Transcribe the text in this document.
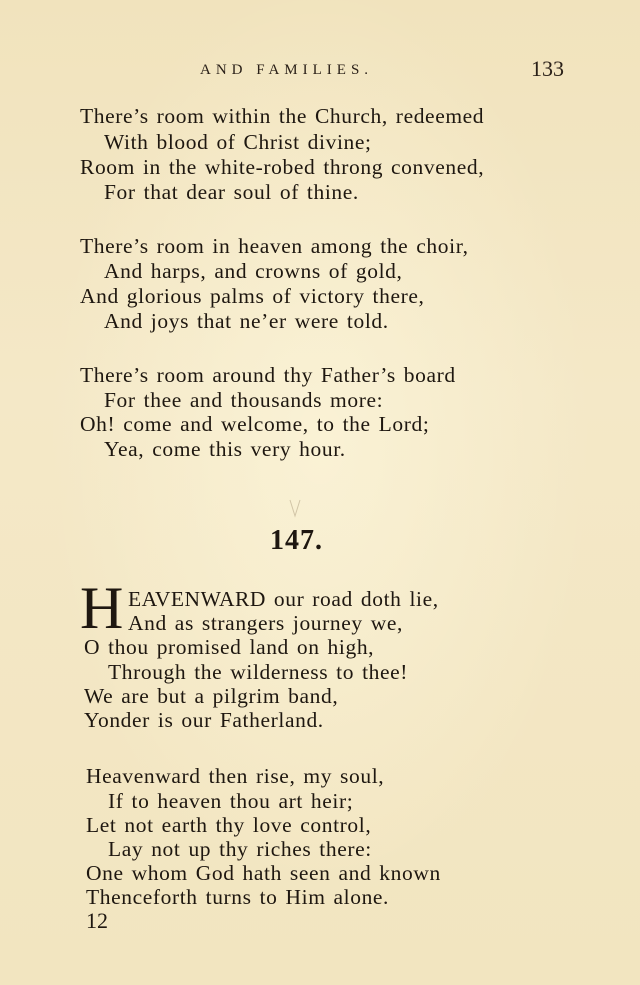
AND FAMILIES.	133
There’s room within the Church, redeemed
With blood of Christ divine;
Room in the white-robed throng convened,
For that dear soul of thine.
There’s room in heaven among the choir,
And harps, and crowns of gold,
And glorious palms of victory there,
And joys that ne’er were told.
There’s room around thy Father’s board
For thee and thousands more:
Oh! come and welcome, to the Lord;
Yea, come this very hour.
147.
H EAVENWARD our road doth lie,
And as strangers journey we,
O thou promised land on high,
Through the wilderness to thee!
We are but a pilgrim band,
Yonder is our Fatherland.
Heavenward then rise, my soul,
If to heaven thou art heir;
Let not earth thy love control,
Lay not up thy riches there:
One whom God hath seen and known
Thenceforth turns to Him alone.
12
